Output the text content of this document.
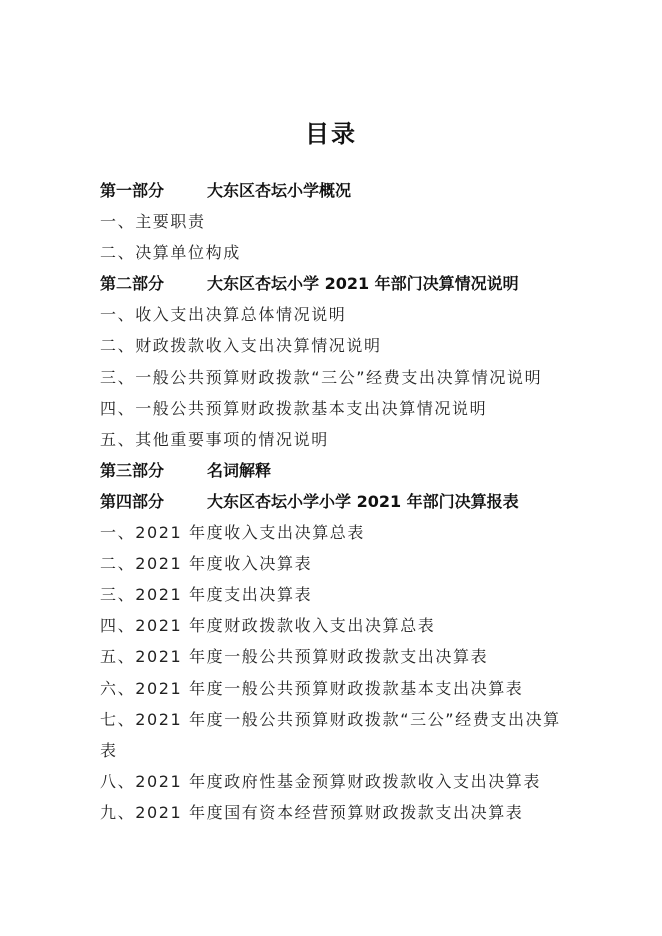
目录
第一部分	大东区杏坛小学概况
一、主要职责
二、决算单位构成
第二部分	大东区杏坛小学 2021 年部门决算情况说明
一、收入支出决算总体情况说明
二、财政拨款收入支出决算情况说明
三、一般公共预算财政拨款“三公”经费支出决算情况说明
四、一般公共预算财政拨款基本支出决算情况说明
五、其他重要事项的情况说明
第三部分	名词解释
第四部分	大东区杏坛小学小学 2021 年部门决算报表
一、2021 年度收入支出决算总表
二、2021 年度收入决算表
三、2021 年度支出决算表
四、2021 年度财政拨款收入支出决算总表
五、2021 年度一般公共预算财政拨款支出决算表
六、2021 年度一般公共预算财政拨款基本支出决算表
七、2021 年度一般公共预算财政拨款“三公”经费支出决算
表
八、2021 年度政府性基金预算财政拨款收入支出决算表
九、2021 年度国有资本经营预算财政拨款支出决算表
